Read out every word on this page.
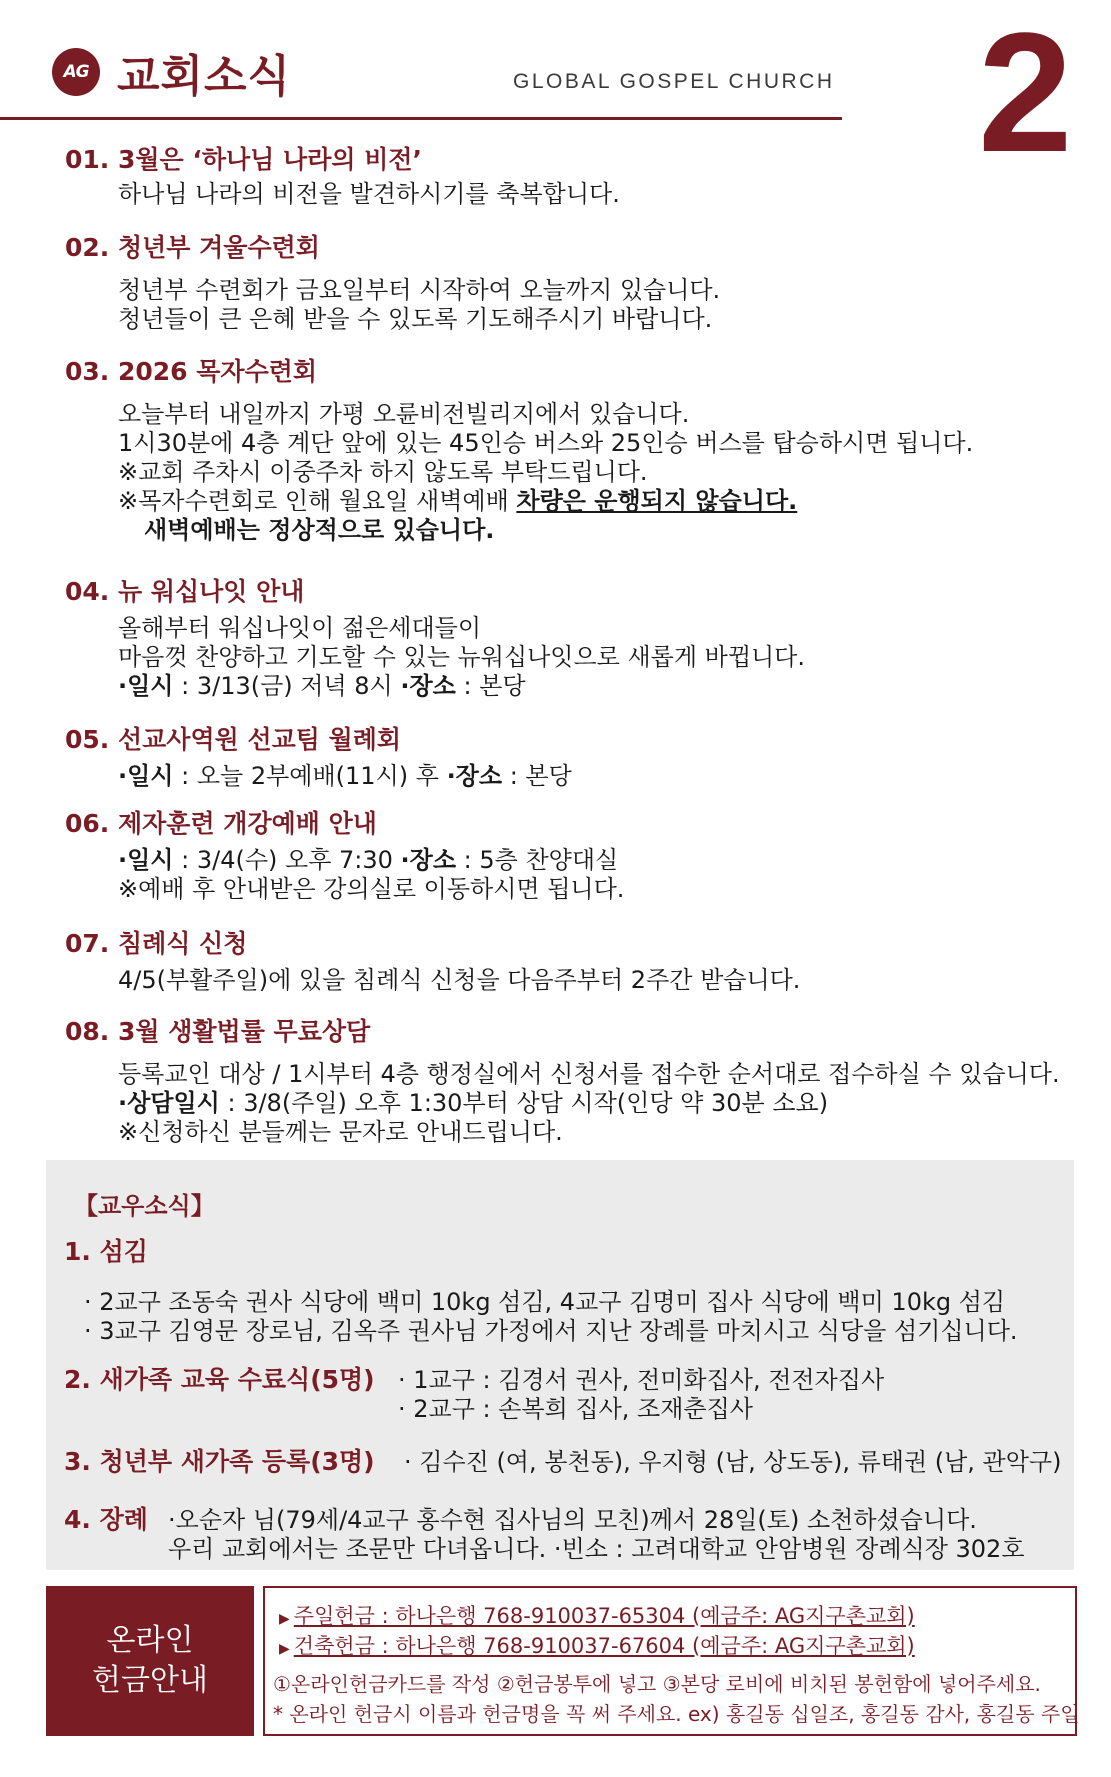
AG 교회소식	GLOBAL GOSPEL CHURCH 2
01. 3월은 ‘하나님 나라의 비전’
하나님 나라의 비전을 발견하시기를 축복합니다.
02. 청년부 겨울수련회
청년부 수련회가 금요일부터 시작하여 오늘까지 있습니다.
청년들이 큰 은혜 받을 수 있도록 기도해주시기 바랍니다.
03. 2026 목자수련회
오늘부터 내일까지 가평 오륜비전빌리지에서 있습니다.
1시30분에 4층 계단 앞에 있는 45인승 버스와 25인승 버스를 탑승하시면 됩니다.
※교회 주차시 이중주차 하지 않도록 부탁드립니다.
※목자수련회로 인해 월요일 새벽예배 차량은 운행되지 않습니다.
새벽예배는 정상적으로 있습니다.
04. 뉴 워십나잇 안내
올해부터 워십나잇이 젊은세대들이
마음껏 찬양하고 기도할 수 있는 뉴워십나잇으로 새롭게 바뀝니다.
·일시 : 3/13(금) 저녁 8시 ·장소 : 본당
05. 선교사역원 선교팀 월례회
·일시 : 오늘 2부예배(11시) 후 ·장소 : 본당
06. 제자훈련 개강예배 안내
·일시 : 3/4(수) 오후 7:30 ·장소 : 5층 찬양대실
※예배 후 안내받은 강의실로 이동하시면 됩니다.
07. 침례식 신청
4/5(부활주일)에 있을 침례식 신청을 다음주부터 2주간 받습니다.
08. 3월 생활법률 무료상담
등록교인 대상 / 1시부터 4층 행정실에서 신청서를 접수한 순서대로 접수하실 수 있습니다.
·상담일시 : 3/8(주일) 오후 1:30부터 상담 시작(인당 약 30분 소요)
※신청하신 분들께는 문자로 안내드립니다.
【교우소식】
1. 섬김
· 2교구 조동숙 권사 식당에 백미 10kg 섬김, 4교구 김명미 집사 식당에 백미 10kg 섬김
· 3교구 김영문 장로님, 김옥주 권사님 가정에서 지난 장례를 마치시고 식당을 섬기십니다.
2. 새가족 교육 수료식(5명) · 1교구 : 김경서 권사, 전미화집사, 전전자집사
· 2교구 : 손복희 집사, 조재춘집사
3. 청년부 새가족 등록(3명) · 김수진 (여, 봉천동), 우지형 (남, 상도동), 류태권 (남, 관악구)
4. 장례 ·오순자 님(79세/4교구 홍수현 집사님의 모친)께서 28일(토) 소천하셨습니다.
우리 교회에서는 조문만 다녀옵니다. ·빈소 : 고려대학교 안암병원 장례식장 302호
온라인
헌금안내
▶ 주일헌금 : 하나은행 768-910037-65304 (예금주: AG지구촌교회)
▶ 건축헌금 : 하나은행 768-910037-67604 (예금주: AG지구촌교회)
①온라인헌금카드를 작성 ②헌금봉투에 넣고 ③본당 로비에 비치된 봉헌함에 넣어주세요.
* 온라인 헌금시 이름과 헌금명을 꼭 써 주세요. ex) 홍길동 십일조, 홍길동 감사, 홍길동 주일
